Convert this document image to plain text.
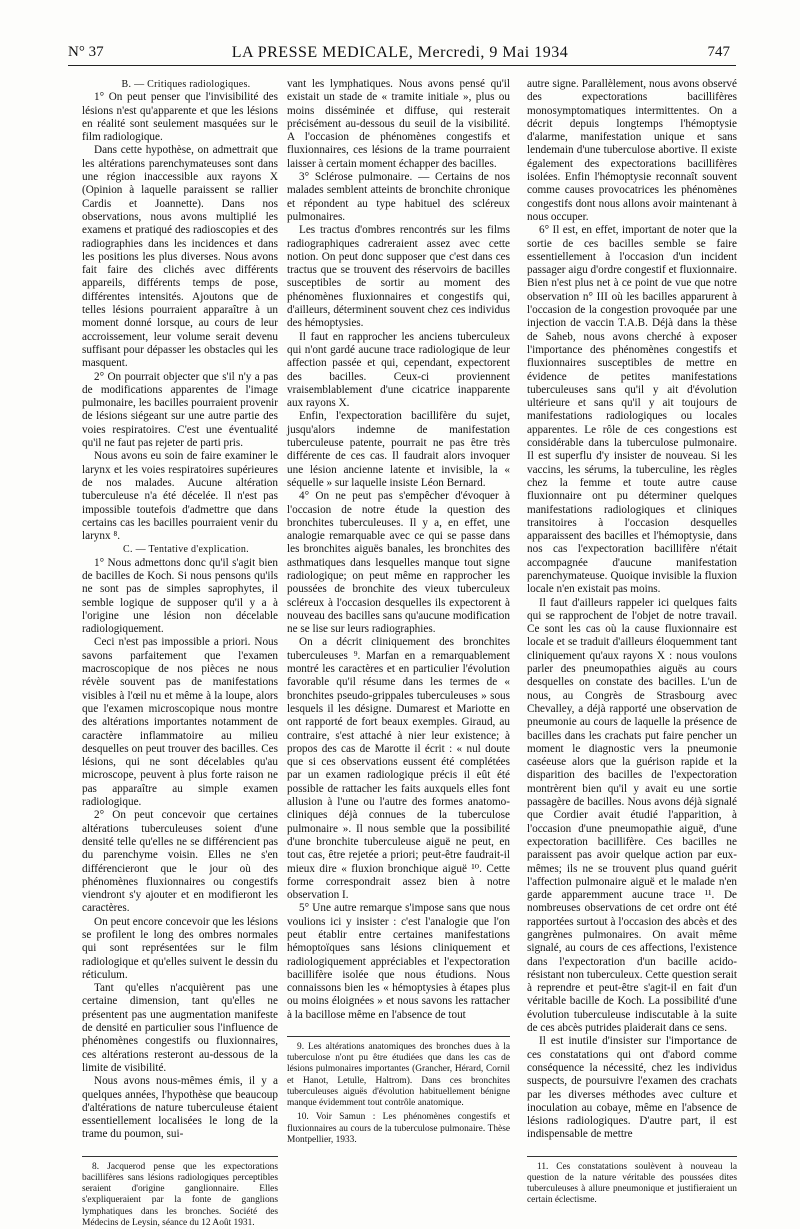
N° 37	LA PRESSE MEDICALE, Mercredi, 9 Mai 1934	747

B. — Critiques radiologiques.

1° On peut penser que l'invisibilité des lésions n'est qu'apparente et que les lésions en réalité sont seulement masquées sur le film radiologique.

Dans cette hypothèse, on admettrait que les altérations parenchymateuses sont dans une région inaccessible aux rayons X (Opinion à laquelle paraissent se rallier Cardis et Joannette). Dans nos observations, nous avons multiplié les examens et pratiqué des radioscopies et des radiographies dans les incidences et dans les positions les plus diverses. Nous avons fait faire des clichés avec différents appareils, différents temps de pose, différentes intensités. Ajoutons que de telles lésions pourraient apparaître à un moment donné lorsque, au cours de leur accroissement, leur volume serait devenu suffisant pour dépasser les obstacles qui les masquent.

2° On pourrait objecter que s'il n'y a pas de modifications apparentes de l'image pulmonaire, les bacilles pourraient provenir de lésions siégeant sur une autre partie des voies respiratoires. C'est une éventualité qu'il ne faut pas rejeter de parti pris.

Nous avons eu soin de faire examiner le larynx et les voies respiratoires supérieures de nos malades. Aucune altération tuberculeuse n'a été décelée. Il n'est pas impossible toutefois d'admettre que dans certains cas les bacilles pourraient venir du larynx ⁸.

C. — Tentative d'explication.

1° Nous admettons donc qu'il s'agit bien de bacilles de Koch. Si nous pensons qu'ils ne sont pas de simples saprophytes, il semble logique de supposer qu'il y a à l'origine une lésion non décelable radiologiquement.

Ceci n'est pas impossible a priori. Nous savons parfaitement que l'examen macroscopique de nos pièces ne nous révèle souvent pas de manifestations visibles à l'œil nu et même à la loupe, alors que l'examen microscopique nous montre des altérations importantes notamment de caractère inflammatoire au milieu desquelles on peut trouver des bacilles. Ces lésions, qui ne sont décelables qu'au microscope, peuvent à plus forte raison ne pas apparaître au simple examen radiologique.

2° On peut concevoir que certaines altérations tuberculeuses soient d'une densité telle qu'elles ne se différencient pas du parenchyme voisin. Elles ne s'en différencieront que le jour où des phénomènes fluxionnaires ou congestifs viendront s'y ajouter et en modifieront les caractères.

On peut encore concevoir que les lésions se profilent le long des ombres normales qui sont représentées sur le film radiologique et qu'elles suivent le dessin du réticulum.

Tant qu'elles n'acquièrent pas une certaine dimension, tant qu'elles ne présentent pas une augmentation manifeste de densité en particulier sous l'influence de phénomènes congestifs ou fluxionnaires, ces altérations resteront au-dessous de la limite de visibilité.

Nous avons nous-mêmes émis, il y a quelques années, l'hypothèse que beaucoup d'altérations de nature tuberculeuse étaient essentiellement localisées le long de la trame du poumon, sui-

8. Jacquerod pense que les expectorations bacillifères sans lésions radiologiques perceptibles seraient d'origine ganglionnaire. Elles s'expliqueraient par la fonte de ganglions lymphatiques dans les bronches. Société des Médecins de Leysin, séance du 12 Août 1931.

vant les lymphatiques. Nous avons pensé qu'il existait un stade de « tramite initiale », plus ou moins disséminée et diffuse, qui resterait précisément au-dessous du seuil de la visibilité. A l'occasion de phénomènes congestifs et fluxionnaires, ces lésions de la trame pourraient laisser à certain moment échapper des bacilles.

3° Sclérose pulmonaire. — Certains de nos malades semblent atteints de bronchite chronique et répondent au type habituel des scléreux pulmonaires.

Les tractus d'ombres rencontrés sur les films radiographiques cadreraient assez avec cette notion. On peut donc supposer que c'est dans ces tractus que se trouvent des réservoirs de bacilles susceptibles de sortir au moment des phénomènes fluxionnaires et congestifs qui, d'ailleurs, déterminent souvent chez ces individus des hémoptysies.

Il faut en rapprocher les anciens tuberculeux qui n'ont gardé aucune trace radiologique de leur affection passée et qui, cependant, expectorent des bacilles. Ceux-ci proviennent vraisemblablement d'une cicatrice inapparente aux rayons X.

Enfin, l'expectoration bacillifère du sujet, jusqu'alors indemne de manifestation tuberculeuse patente, pourrait ne pas être très différente de ces cas. Il faudrait alors invoquer une lésion ancienne latente et invisible, la « séquelle » sur laquelle insiste Léon Bernard.

4° On ne peut pas s'empêcher d'évoquer à l'occasion de notre étude la question des bronchites tuberculeuses. Il y a, en effet, une analogie remarquable avec ce qui se passe dans les bronchites aiguës banales, les bronchites des asthmatiques dans lesquelles manque tout signe radiologique; on peut même en rapprocher les poussées de bronchite des vieux tuberculeux scléreux à l'occasion desquelles ils expectorent à nouveau des bacilles sans qu'aucune modification ne se lise sur leurs radiographies.

On a décrit cliniquement des bronchites tuberculeuses ⁹. Marfan en a remarquablement montré les caractères et en particulier l'évolution favorable qu'il résume dans les termes de « bronchites pseudo-grippales tuberculeuses » sous lesquels il les désigne. Dumarest et Mariotte en ont rapporté de fort beaux exemples. Giraud, au contraire, s'est attaché à nier leur existence; à propos des cas de Marotte il écrit : « nul doute que si ces observations eussent été complétées par un examen radiologique précis il eût été possible de rattacher les faits auxquels elles font allusion à l'une ou l'autre des formes anatomo-cliniques déjà connues de la tuberculose pulmonaire ». Il nous semble que la possibilité d'une bronchite tuberculeuse aiguë ne peut, en tout cas, être rejetée a priori; peut-être faudrait-il mieux dire « fluxion bronchique aiguë ¹⁰. Cette forme correspondrait assez bien à notre observation I.

5° Une autre remarque s'impose sans que nous voulions ici y insister : c'est l'analogie que l'on peut établir entre certaines manifestations hémoptoïques sans lésions cliniquement et radiologiquement appréciables et l'expectoration bacillifère isolée que nous étudions. Nous connaissons bien les « hémoptysies à étapes plus ou moins éloignées » et nous savons les rattacher à la bacillose même en l'absence de tout

9. Les altérations anatomiques des bronches dues à la tuberculose n'ont pu être étudiées que dans les cas de lésions pulmonaires importantes (Grancher, Hérard, Cornil et Hanot, Letulle, Haltrom). Dans ces bronchites tuberculeuses aiguës d'évolution habituellement bénigne manque évidemment tout contrôle anatomique.

10. Voir Samun : Les phénomènes congestifs et fluxionnaires au cours de la tuberculose pulmonaire. Thèse Montpellier, 1933.

autre signe. Parallèlement, nous avons observé des expectorations bacillifères monosymptomatiques intermittentes. On a décrit depuis longtemps l'hémoptysie d'alarme, manifestation unique et sans lendemain d'une tuberculose abortive. Il existe également des expectorations bacillifères isolées. Enfin l'hémoptysie reconnaît souvent comme causes provocatrices les phénomènes congestifs dont nous allons avoir maintenant à nous occuper.

6° Il est, en effet, important de noter que la sortie de ces bacilles semble se faire essentiellement à l'occasion d'un incident passager aigu d'ordre congestif et fluxionnaire. Bien n'est plus net à ce point de vue que notre observation n° III où les bacilles apparurent à l'occasion de la congestion provoquée par une injection de vaccin T.A.B. Déjà dans la thèse de Saheb, nous avons cherché à exposer l'importance des phénomènes congestifs et fluxionnaires susceptibles de mettre en évidence de petites manifestations tuberculeuses sans qu'il y ait d'évolution ultérieure et sans qu'il y ait toujours de manifestations radiologiques ou locales apparentes. Le rôle de ces congestions est considérable dans la tuberculose pulmonaire. Il est superflu d'y insister de nouveau. Si les vaccins, les sérums, la tuberculine, les règles chez la femme et toute autre cause fluxionnaire ont pu déterminer quelques manifestations radiologiques et cliniques transitoires à l'occasion desquelles apparaissent des bacilles et l'hémoptysie, dans nos cas l'expectoration bacillifère n'était accompagnée d'aucune manifestation parenchymateuse. Quoique invisible la fluxion locale n'en existait pas moins.

Il faut d'ailleurs rappeler ici quelques faits qui se rapprochent de l'objet de notre travail. Ce sont les cas où la cause fluxionnaire est locale et se traduit d'ailleurs éloquemment tant cliniquement qu'aux rayons X : nous voulons parler des pneumopathies aiguës au cours desquelles on constate des bacilles. L'un de nous, au Congrès de Strasbourg avec Chevalley, a déjà rapporté une observation de pneumonie au cours de laquelle la présence de bacilles dans les crachats put faire pencher un moment le diagnostic vers la pneumonie caséeuse alors que la guérison rapide et la disparition des bacilles de l'expectoration montrèrent bien qu'il y avait eu une sortie passagère de bacilles. Nous avons déjà signalé que Cordier avait étudié l'apparition, à l'occasion d'une pneumopathie aiguë, d'une expectoration bacillifère. Ces bacilles ne paraissent pas avoir quelque action par eux-mêmes; ils ne se trouvent plus quand guérit l'affection pulmonaire aiguë et le malade n'en garde apparemment aucune trace ¹¹. De nombreuses observations de cet ordre ont été rapportées surtout à l'occasion des abcès et des gangrènes pulmonaires. On avait même signalé, au cours de ces affections, l'existence dans l'expectoration d'un bacille acido-résistant non tuberculeux. Cette question serait à reprendre et peut-être s'agit-il en fait d'un véritable bacille de Koch. La possibilité d'une évolution tuberculeuse indiscutable à la suite de ces abcès putrides plaiderait dans ce sens.

Il est inutile d'insister sur l'importance de ces constatations qui ont d'abord comme conséquence la nécessité, chez les individus suspects, de poursuivre l'examen des crachats par les diverses méthodes avec culture et inoculation au cobaye, même en l'absence de lésions radiologiques. D'autre part, il est indispensable de mettre

11. Ces constatations soulèvent à nouveau la question de la nature véritable des poussées dites tuberculeuses à allure pneumonique et justifieraient un certain éclectisme.
